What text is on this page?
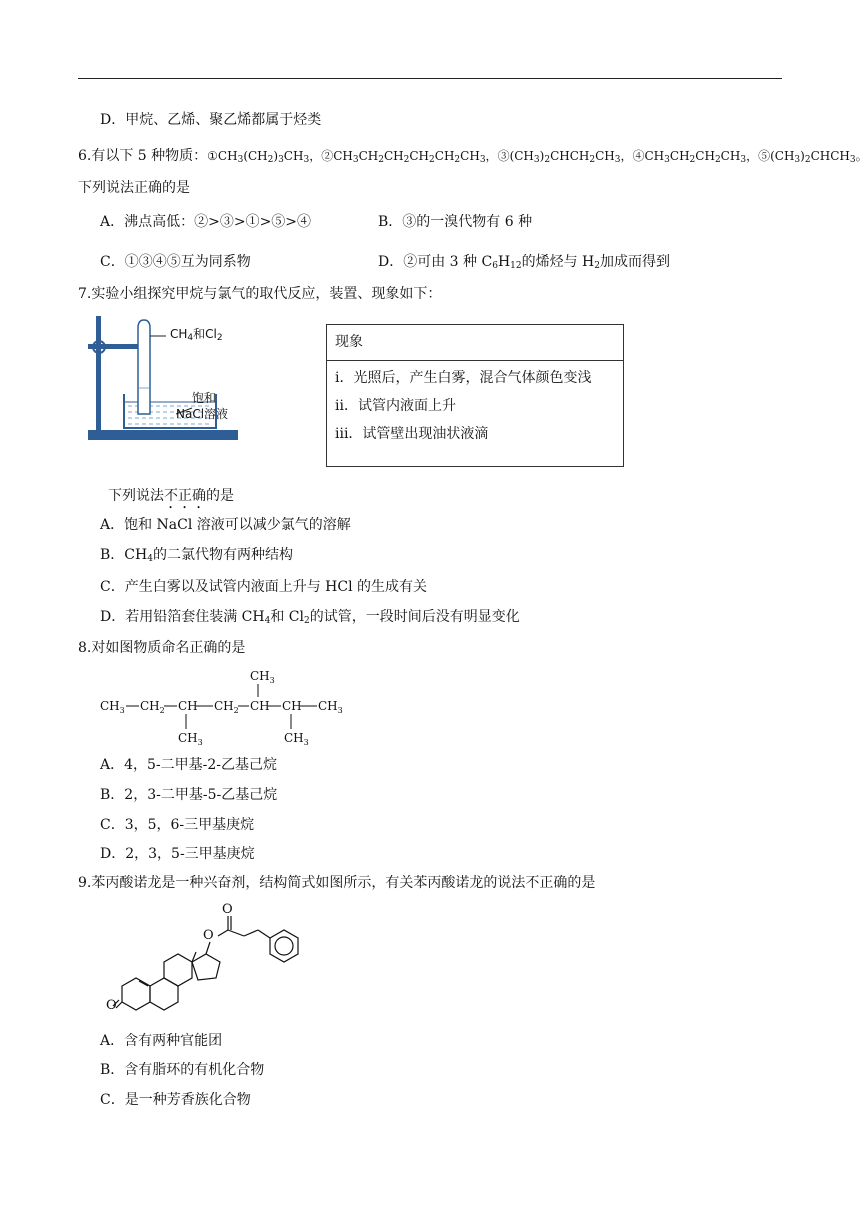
D．甲烷、乙烯、聚乙烯都属于烃类
6.有以下 5 种物质：$①CH_3(CH_2)_3CH_3$，$②CH_3CH_2CH_2CH_2CH_2CH_3$，$③(CH_3)_2CHCH_2CH_3$，$④CH_3CH_2CH_2CH_3$，$⑤(CH_3)_2CHCH_3$。
下列说法正确的是
A．沸点高低：②>③>①>⑤>④	B．③的一溴代物有 6 种
C．①③④⑤互为同系物	D．②可由 3 种 $C_6H_{12}$的烯烃与 $H_2$加成而得到
7.实验小组探究甲烷与氯气的取代反应，装置、现象如下：
$CH_4$和$Cl_2$
饱和
NaCl溶液
现象
i．光照后，产生白雾，混合气体颜色变浅
ii．试管内液面上升
iii．试管壁出现油状液滴
下列说法不正确的是
A．饱和 NaCl 溶液可以减少氯气的溶解
B．$CH_4$的二氯代物有两种结构
C．产生白雾以及试管内液面上升与 HCl 的生成有关
D．若用铅箔套住装满 $CH_4$和 $Cl_2$的试管，一段时间后没有明显变化
8.对如图物质命名正确的是
$CH_3$ $CH_2$ CH $CH_2$ CH CH $CH_3$
$CH_3$
$CH_3$	$CH_3$
A．4，5-二甲基-2-乙基己烷
B．2，3-二甲基-5-乙基己烷
C．3，5，6-三甲基庚烷
D．2，3，5-三甲基庚烷
9.苯丙酸诺龙是一种兴奋剂，结构简式如图所示，有关苯丙酸诺龙的说法不正确的是
O
O
O
A．含有两种官能团
B．含有脂环的有机化合物
C．是一种芳香族化合物
